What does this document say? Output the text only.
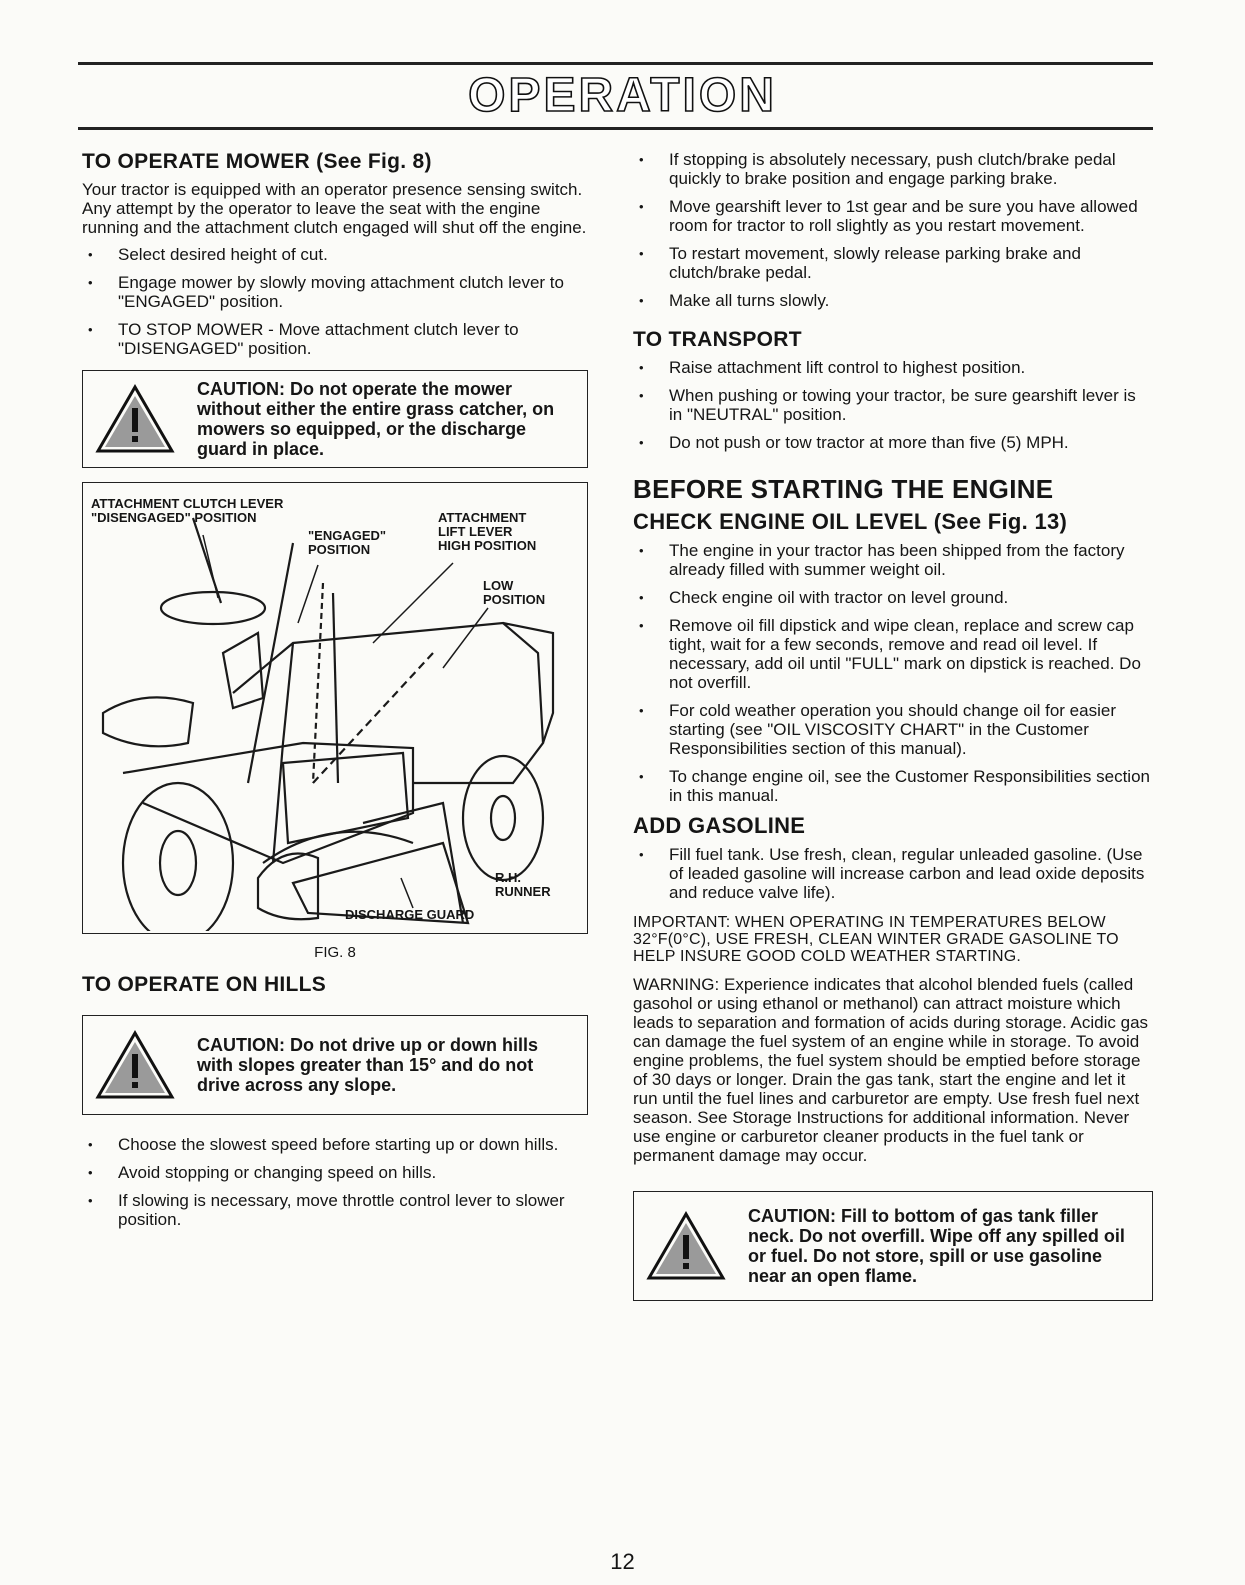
OPERATION
TO OPERATE MOWER (See Fig. 8)

Your tractor is equipped with an operator presence sensing switch. Any attempt by the operator to leave the seat with the engine running and the attachment clutch engaged will shut off the engine.

• Select desired height of cut.
• Engage mower by slowly moving attachment clutch lever to "ENGAGED" position.
• TO STOP MOWER - Move attachment clutch lever to "DISENGAGED" position.
CAUTION: Do not operate the mower without either the entire grass catcher, on mowers so equipped, or the discharge guard in place.
ATTACHMENT CLUTCH LEVER
"DISENGAGED" POSITION
"ENGAGED"
POSITION
ATTACHMENT
LIFT LEVER
HIGH POSITION
LOW
POSITION
R.H.
DISCHARGE GUARD
RUNNER
FIG. 8
TO OPERATE ON HILLS
CAUTION: Do not drive up or down hills with slopes greater than 15° and do not drive across any slope.
• Choose the slowest speed before starting up or down hills.
• Avoid stopping or changing speed on hills.
• If slowing is necessary, move throttle control lever to slower position.
• If stopping is absolutely necessary, push clutch/brake pedal quickly to brake position and engage parking brake.
• Move gearshift lever to 1st gear and be sure you have allowed room for tractor to roll slightly as you restart movement.
• To restart movement, slowly release parking brake and clutch/brake pedal.
• Make all turns slowly.
TO TRANSPORT
• Raise attachment lift control to highest position.
• When pushing or towing your tractor, be sure gearshift lever is in "NEUTRAL" position.
• Do not push or tow tractor at more than five (5) MPH.
BEFORE STARTING THE ENGINE
CHECK ENGINE OIL LEVEL (See Fig. 13)
• The engine in your tractor has been shipped from the factory already filled with summer weight oil.
• Check engine oil with tractor on level ground.
• Remove oil fill dipstick and wipe clean, replace and screw cap tight, wait for a few seconds, remove and read oil level. If necessary, add oil until "FULL" mark on dipstick is reached. Do not overfill.
• For cold weather operation you should change oil for easier starting (see "OIL VISCOSITY CHART" in the Customer Responsibilities section of this manual).
• To change engine oil, see the Customer Responsibilities section in this manual.
ADD GASOLINE
• Fill fuel tank. Use fresh, clean, regular unleaded gasoline. (Use of leaded gasoline will increase carbon and lead oxide deposits and reduce valve life).

IMPORTANT: WHEN OPERATING IN TEMPERATURES BELOW 32°F(0°C), USE FRESH, CLEAN WINTER GRADE GASOLINE TO HELP INSURE GOOD COLD WEATHER STARTING.

WARNING: Experience indicates that alcohol blended fuels (called gasohol or using ethanol or methanol) can attract moisture which leads to separation and formation of acids during storage. Acidic gas can damage the fuel system of an engine while in storage. To avoid engine problems, the fuel system should be emptied before storage of 30 days or longer. Drain the gas tank, start the engine and let it run until the fuel lines and carburetor are empty. Use fresh fuel next season. See Storage Instructions for additional information. Never use engine or carburetor cleaner products in the fuel tank or permanent damage may occur.

CAUTION: Fill to bottom of gas tank filler neck. Do not overfill. Wipe off any spilled oil or fuel. Do not store, spill or use gasoline near an open flame.
12
